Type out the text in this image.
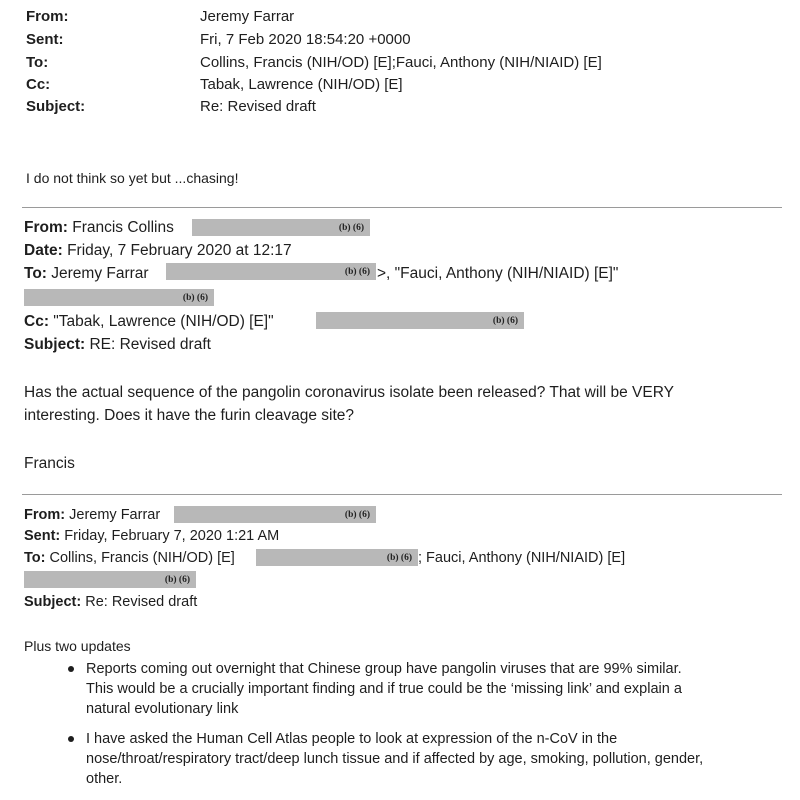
From:	Jeremy Farrar
Sent:	Fri, 7 Feb 2020 18:54:20 +0000
To:	Collins, Francis (NIH/OD) [E];Fauci, Anthony (NIH/NIAID) [E]
Cc:	Tabak, Lawrence (NIH/OD) [E]
Subject:	Re: Revised draft
I do not think so yet but ...chasing!
From: Francis Collins	(b) (6)
Date: Friday, 7 February 2020 at 12:17
To: Jeremy Farrar	(b) (6) >, "Fauci, Anthony (NIH/NIAID) [E]"
(b) (6)
Cc: "Tabak, Lawrence (NIH/OD) [E]"	(b) (6)
Subject: RE: Revised draft
Has the actual sequence of the pangolin coronavirus isolate been released? That will be VERY
interesting. Does it have the furin cleavage site?
Francis
From: Jeremy Farrar	(b) (6)
Sent: Friday, February 7, 2020 1:21 AM
To: Collins, Francis (NIH/OD) [E]	(b) (6) ; Fauci, Anthony (NIH/NIAID) [E]
(b) (6)
Subject: Re: Revised draft
Plus two updates
Reports coming out overnight that Chinese group have pangolin viruses that are 99% similar. This would be a crucially important finding and if true could be the ‘missing link’ and explain a natural evolutionary link
I have asked the Human Cell Atlas people to look at expression of the n-CoV in the nose/throat/respiratory tract/deep lunch tissue and if affected by age, smoking, pollution, gender, other.
